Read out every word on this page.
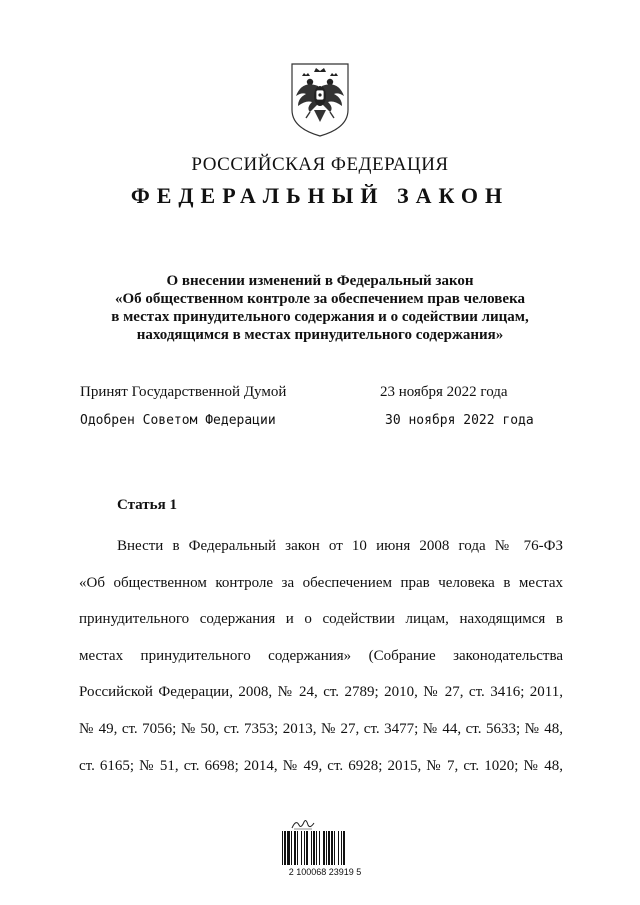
РОССИЙСКАЯ ФЕДЕРАЦИЯ
ФЕДЕРАЛЬНЫЙ ЗАКОН
О внесении изменений в Федеральный закон
«Об общественном контроле за обеспечением прав человека
в местах принудительного содержания и о содействии лицам,
находящимся в местах принудительного содержания»
Принят Государственной Думой	23 ноября 2022 года
Одобрен Советом Федерации	30 ноября 2022 года
Статья 1
Внести в Федеральный закон от 10 июня 2008 года № 76-ФЗ
«Об общественном контроле за обеспечением прав человека в местах
принудительного содержания и о содействии лицам, находящимся в
местах принудительного содержания» (Собрание законодательства
Российской Федерации, 2008, № 24, ст. 2789; 2010, № 27, ст. 3416; 2011,
№ 49, ст. 7056; № 50, ст. 7353; 2013, № 27, ст. 3477; № 44, ст. 5633; № 48,
ст. 6165; № 51, ст. 6698; 2014, № 49, ст. 6928; 2015, № 7, ст. 1020; № 48,
2 100068 23919 5
